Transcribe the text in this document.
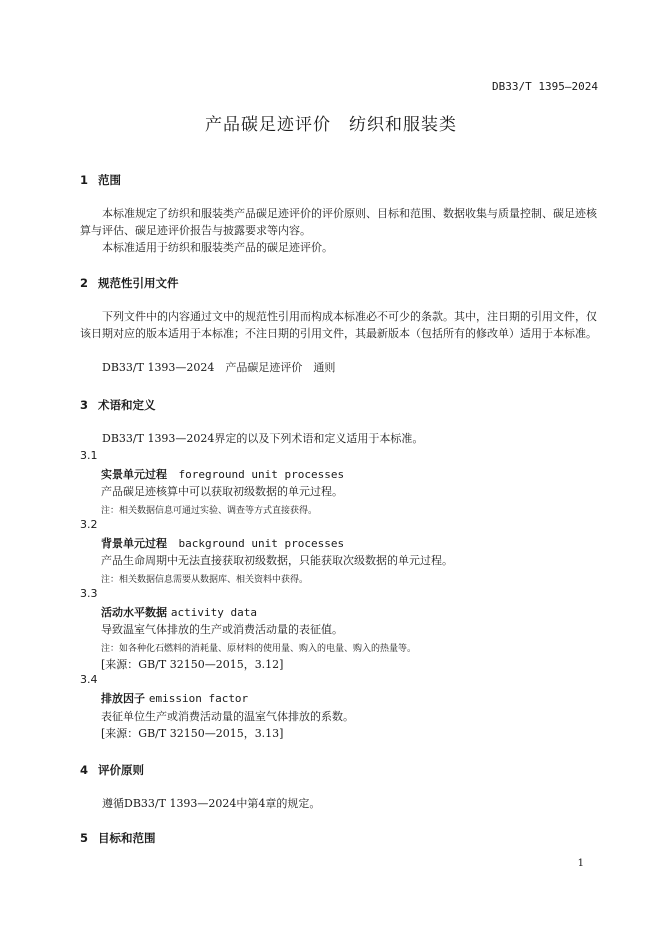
DB33/T 1395—2024
产品碳足迹评价　纺织和服装类
1 范围
本标准规定了纺织和服装类产品碳足迹评价的评价原则、目标和范围、数据收集与质量控制、碳足迹核算与评估、碳足迹评价报告与披露要求等内容。
本标准适用于纺织和服装类产品的碳足迹评价。
2 规范性引用文件
下列文件中的内容通过文中的规范性引用而构成本标准必不可少的条款。其中，注日期的引用文件，仅该日期对应的版本适用于本标准；不注日期的引用文件，其最新版本（包括所有的修改单）适用于本标准。
DB33/T 1393—2024　产品碳足迹评价　通则
3 术语和定义
DB33/T 1393—2024界定的以及下列术语和定义适用于本标准。
3.1
实景单元过程 foreground unit processes
产品碳足迹核算中可以获取初级数据的单元过程。
注：相关数据信息可通过实验、调查等方式直接获得。
3.2
背景单元过程 background unit processes
产品生命周期中无法直接获取初级数据，只能获取次级数据的单元过程。
注：相关数据信息需要从数据库、相关资料中获得。
3.3
活动水平数据 activity data
导致温室气体排放的生产或消费活动量的表征值。
注：如各种化石燃料的消耗量、原材料的使用量、购入的电量、购入的热量等。
[来源：GB/T 32150—2015，3.12]
3.4
排放因子 emission factor
表征单位生产或消费活动量的温室气体排放的系数。
[来源：GB/T 32150—2015，3.13]
4 评价原则
遵循DB33/T 1393—2024中第4章的规定。
5 目标和范围
1
